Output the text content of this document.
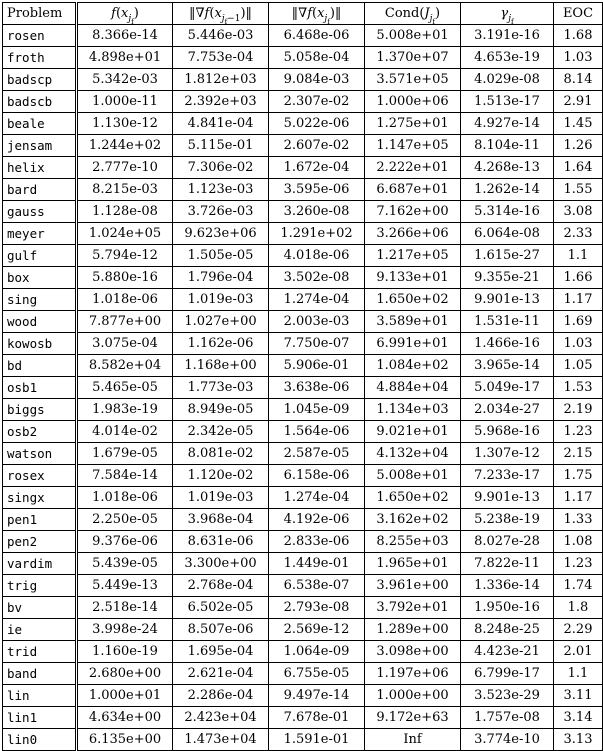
Problem	$f(x_{j_f})$	$‖\nabla f(x_{j_f-1})‖$	$‖\nabla f(x_{j_f})‖$	$Cond(J_{j_f})$	$\gamma_{j_f}$	EOC
rosen	8.366e-14	5.446e-03	6.468e-06	5.008e+01	3.191e-16	1.68
froth	4.898e+01	7.753e-04	5.058e-04	1.370e+07	4.653e-19	1.03
badscp	5.342e-03	1.812e+03	9.084e-03	3.571e+05	4.029e-08	8.14
badscb	1.000e-11	2.392e+03	2.307e-02	1.000e+06	1.513e-17	2.91
beale	1.130e-12	4.841e-04	5.022e-06	1.275e+01	4.927e-14	1.45
jensam	1.244e+02	5.115e-01	2.607e-02	1.147e+05	8.104e-11	1.26
helix	2.777e-10	7.306e-02	1.672e-04	2.222e+01	4.268e-13	1.64
bard	8.215e-03	1.123e-03	3.595e-06	6.687e+01	1.262e-14	1.55
gauss	1.128e-08	3.726e-03	3.260e-08	7.162e+00	5.314e-16	3.08
meyer	1.024e+05	9.623e+06	1.291e+02	3.266e+06	6.064e-08	2.33
gulf	5.794e-12	1.505e-05	4.018e-06	1.217e+05	1.615e-27	1.1
box	5.880e-16	1.796e-04	3.502e-08	9.133e+01	9.355e-21	1.66
sing	1.018e-06	1.019e-03	1.274e-04	1.650e+02	9.901e-13	1.17
wood	7.877e+00	1.027e+00	2.003e-03	3.589e+01	1.531e-11	1.69
kowosb	3.075e-04	1.162e-06	7.750e-07	6.991e+01	1.466e-16	1.03
bd	8.582e+04	1.168e+00	5.906e-01	1.084e+02	3.965e-14	1.05
osb1	5.465e-05	1.773e-03	3.638e-06	4.884e+04	5.049e-17	1.53
biggs	1.983e-19	8.949e-05	1.045e-09	1.134e+03	2.034e-27	2.19
osb2	4.014e-02	2.342e-05	1.564e-06	9.021e+01	5.968e-16	1.23
watson	1.679e-05	8.081e-02	2.587e-05	4.132e+04	1.307e-12	2.15
rosex	7.584e-14	1.120e-02	6.158e-06	5.008e+01	7.233e-17	1.75
singx	1.018e-06	1.019e-03	1.274e-04	1.650e+02	9.901e-13	1.17
pen1	2.250e-05	3.968e-04	4.192e-06	3.162e+02	5.238e-19	1.33
pen2	9.376e-06	8.631e-06	2.833e-06	8.255e+03	8.027e-28	1.08
vardim	5.439e-05	3.300e+00	1.449e-01	1.965e+01	7.822e-11	1.23
trig	5.449e-13	2.768e-04	6.538e-07	3.961e+00	1.336e-14	1.74
bv	2.518e-14	6.502e-05	2.793e-08	3.792e+01	1.950e-16	1.8
ie	3.998e-24	8.507e-06	2.569e-12	1.289e+00	8.248e-25	2.29
trid	1.160e-19	1.695e-04	1.064e-09	3.098e+00	4.423e-21	2.01
band	2.680e+00	2.621e-04	6.755e-05	1.197e+06	6.799e-17	1.1
lin	1.000e+01	2.286e-04	9.497e-14	1.000e+00	3.523e-29	3.11
lin1	4.634e+00	2.423e+04	7.678e-01	9.172e+63	1.757e-08	3.14
lin0	6.135e+00	1.473e+04	1.591e-01	Inf	3.774e-10	3.13
